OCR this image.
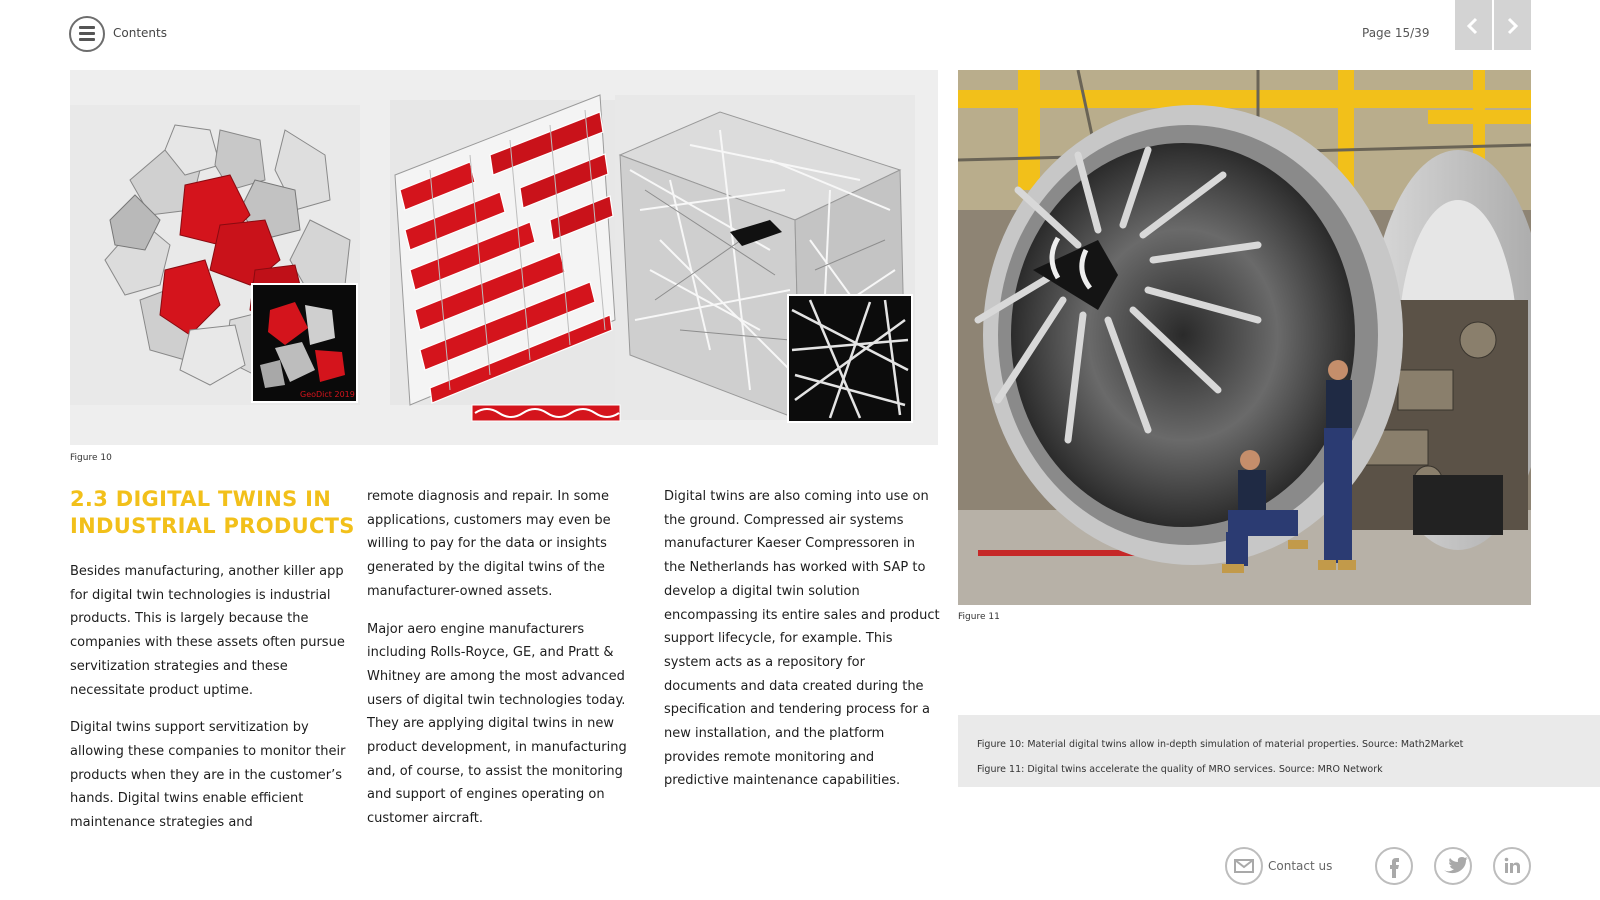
Contents	Page 15/39
GeoDict 2019
Figure 10
Figure 11
2.3 DIGITAL TWINS IN INDUSTRIAL PRODUCTS

Besides manufacturing, another killer app for digital twin technologies is industrial products. This is largely because the companies with these assets often pursue servitization strategies and these necessitate product uptime.

Digital twins support servitization by allowing these companies to monitor their products when they are in the customer’s hands. Digital twins enable efficient maintenance strategies and

remote diagnosis and repair. In some applications, customers may even be willing to pay for the data or insights generated by the digital twins of the manufacturer-owned assets.

Major aero engine manufacturers including Rolls-Royce, GE, and Pratt & Whitney are among the most advanced users of digital twin technologies today. They are applying digital twins in new product development, in manufacturing and, of course, to assist the monitoring and support of engines operating on customer aircraft.

Digital twins are also coming into use on the ground. Compressed air systems manufacturer Kaeser Compressoren in the Netherlands has worked with SAP to develop a digital twin solution encompassing its entire sales and product support lifecycle, for example. This system acts as a repository for documents and data created during the specification and tendering process for a new installation, and the platform provides remote monitoring and predictive maintenance capabilities.

Figure 10: Material digital twins allow in-depth simulation of material properties. Source: Math2Market
Figure 11: Digital twins accelerate the quality of MRO services. Source: MRO Network
Contact us
